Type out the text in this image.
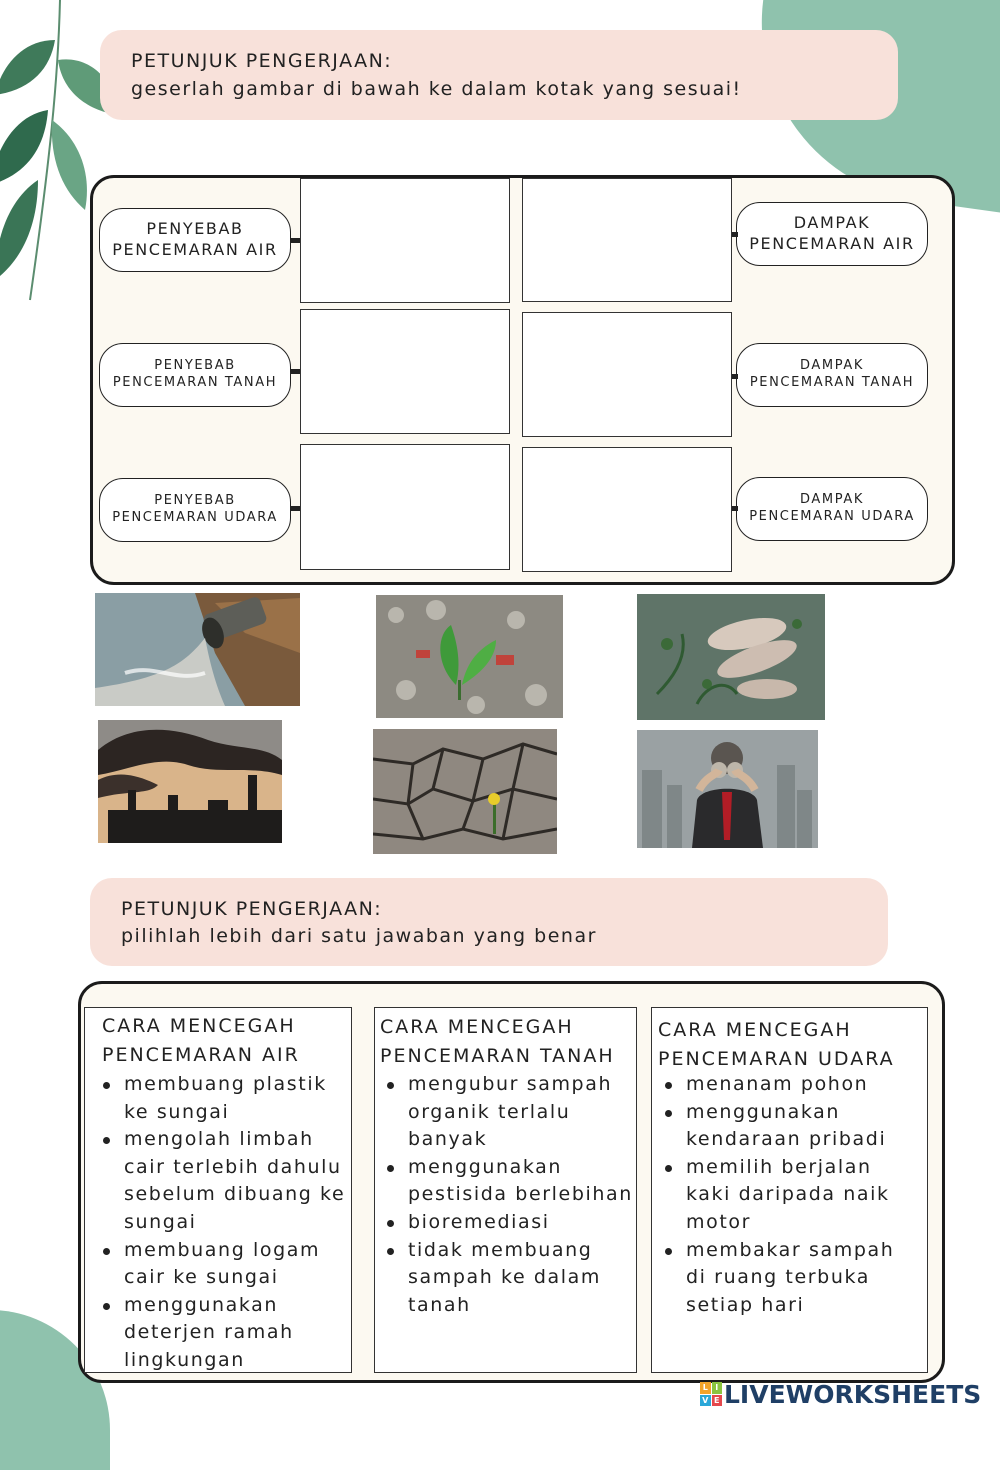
PETUNJUK PENGERJAAN:
geserlah gambar di bawah ke dalam kotak yang sesuai!
PENYEBAB
PENCEMARAN AIR
PENYEBAB
PENCEMARAN TANAH
PENYEBAB
PENCEMARAN UDARA
DAMPAK
PENCEMARAN AIR
DAMPAK
PENCEMARAN TANAH
DAMPAK
PENCEMARAN UDARA
PETUNJUK PENGERJAAN:
pilihlah lebih dari satu jawaban yang benar
CARA MENCEGAH
PENCEMARAN AIR
membuang plastik ke sungai
mengolah limbah cair terlebih dahulu sebelum dibuang ke sungai
membuang logam cair ke sungai
menggunakan deterjen ramah lingkungan
CARA MENCEGAH
PENCEMARAN TANAH
mengubur sampah organik terlalu banyak
menggunakan pestisida berlebihan
bioremediasi
tidak membuang sampah ke dalam tanah
CARA MENCEGAH
PENCEMARAN UDARA
menanam pohon
menggunakan kendaraan pribadi
memilih berjalan kaki daripada naik motor
membakar sampah di ruang terbuka setiap hari
L I
V E LIVEWORKSHEETS
